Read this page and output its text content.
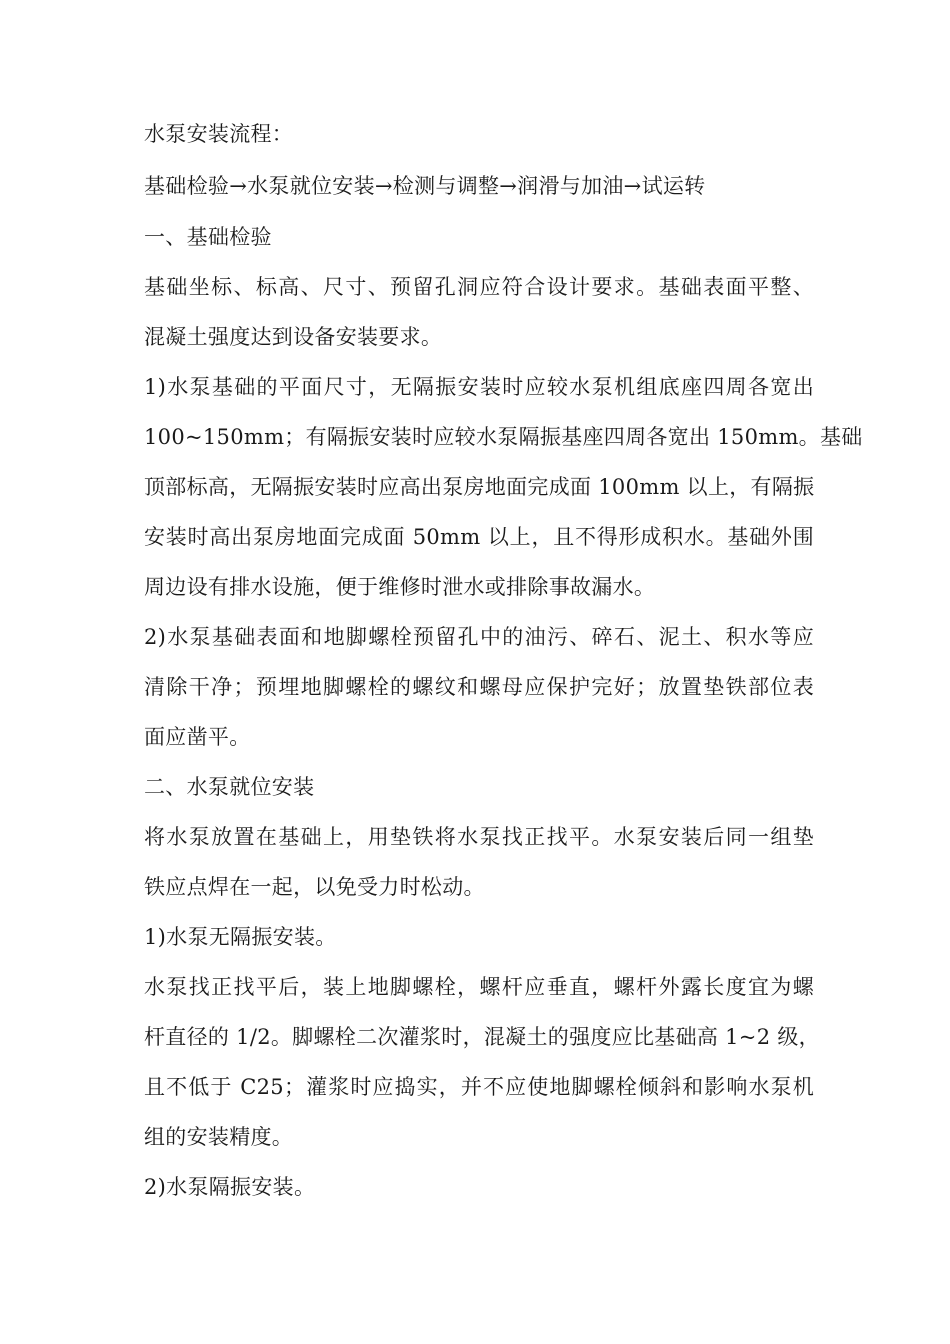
水泵安装流程：
基础检验→水泵就位安装→检测与调整→润滑与加油→试运转
一、基础检验
基础坐标、标高、尺寸、预留孔洞应符合设计要求。基础表面平整、
混凝土强度达到设备安装要求。
1)水泵基础的平面尺寸，无隔振安装时应较水泵机组底座四周各宽出
100~150mm；有隔振安装时应较水泵隔振基座四周各宽出 150mm。基础
顶部标高，无隔振安装时应高出泵房地面完成面 100mm 以上，有隔振
安装时高出泵房地面完成面 50mm 以上，且不得形成积水。基础外围
周边设有排水设施，便于维修时泄水或排除事故漏水。
2)水泵基础表面和地脚螺栓预留孔中的油污、碎石、泥土、积水等应
清除干净；预埋地脚螺栓的螺纹和螺母应保护完好；放置垫铁部位表
面应凿平。
二、水泵就位安装
将水泵放置在基础上，用垫铁将水泵找正找平。水泵安装后同一组垫
铁应点焊在一起，以免受力时松动。
1)水泵无隔振安装。
水泵找正找平后，装上地脚螺栓，螺杆应垂直，螺杆外露长度宜为螺
杆直径的 1/2。脚螺栓二次灌浆时，混凝土的强度应比基础高 1~2 级，
且不低于 C25；灌浆时应捣实，并不应使地脚螺栓倾斜和影响水泵机
组的安装精度。
2)水泵隔振安装。
